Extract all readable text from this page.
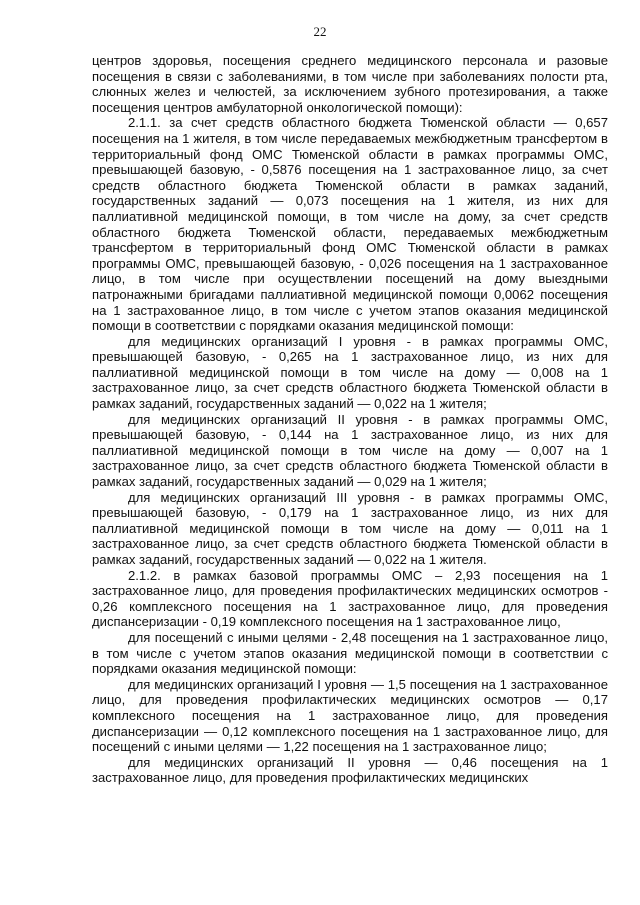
22

центров здоровья, посещения среднего медицинского персонала и разовые посещения в связи с заболеваниями, в том числе при заболеваниях полости рта, слюнных желез и челюстей, за исключением зубного протезирования, а также посещения центров амбулаторной онкологической помощи):

2.1.1. за счет средств областного бюджета Тюменской области — 0,657 посещения на 1 жителя, в том числе передаваемых межбюджетным трансфертом в территориальный фонд ОМС Тюменской области в рамках программы ОМС, превышающей базовую, - 0,5876 посещения на 1 застрахованное лицо, за счет средств областного бюджета Тюменской области в рамках заданий, государственных заданий — 0,073 посещения на 1 жителя, из них для паллиативной медицинской помощи, в том числе на дому, за счет средств областного бюджета Тюменской области, передаваемых межбюджетным трансфертом в территориальный фонд ОМС Тюменской области в рамках программы ОМС, превышающей базовую, - 0,026 посещения на 1 застрахованное лицо, в том числе при осуществлении посещений на дому выездными патронажными бригадами паллиативной медицинской помощи 0,0062 посещения на 1 застрахованное лицо, в том числе с учетом этапов оказания медицинской помощи в соответствии с порядками оказания медицинской помощи:

для медицинских организаций I уровня - в рамках программы ОМС, превышающей базовую, - 0,265 на 1 застрахованное лицо, из них для паллиативной медицинской помощи в том числе на дому — 0,008 на 1 застрахованное лицо, за счет средств областного бюджета Тюменской области в рамках заданий, государственных заданий — 0,022 на 1 жителя;

для медицинских организаций II уровня - в рамках программы ОМС, превышающей базовую, - 0,144 на 1 застрахованное лицо, из них для паллиативной медицинской помощи в том числе на дому — 0,007 на 1 застрахованное лицо, за счет средств областного бюджета Тюменской области в рамках заданий, государственных заданий — 0,029 на 1 жителя;

для медицинских организаций III уровня - в рамках программы ОМС, превышающей базовую, - 0,179 на 1 застрахованное лицо, из них для паллиативной медицинской помощи в том числе на дому — 0,011 на 1 застрахованное лицо, за счет средств областного бюджета Тюменской области в рамках заданий, государственных заданий — 0,022 на 1 жителя.

2.1.2. в рамках базовой программы ОМС – 2,93 посещения на 1 застрахованное лицо, для проведения профилактических медицинских осмотров - 0,26 комплексного посещения на 1 застрахованное лицо, для проведения диспансеризации - 0,19 комплексного посещения на 1 застрахованное лицо,

для посещений с иными целями - 2,48 посещения на 1 застрахованное лицо, в том числе с учетом этапов оказания медицинской помощи в соответствии с порядками оказания медицинской помощи:

для медицинских организаций I уровня — 1,5 посещения на 1 застрахованное лицо, для проведения профилактических медицинских осмотров — 0,17 комплексного посещения на 1 застрахованное лицо, для проведения диспансеризации — 0,12 комплексного посещения на 1 застрахованное лицо, для посещений с иными целями — 1,22 посещения на 1 застрахованное лицо;

для медицинских организаций II уровня — 0,46 посещения на 1 застрахованное лицо, для проведения профилактических медицинских
